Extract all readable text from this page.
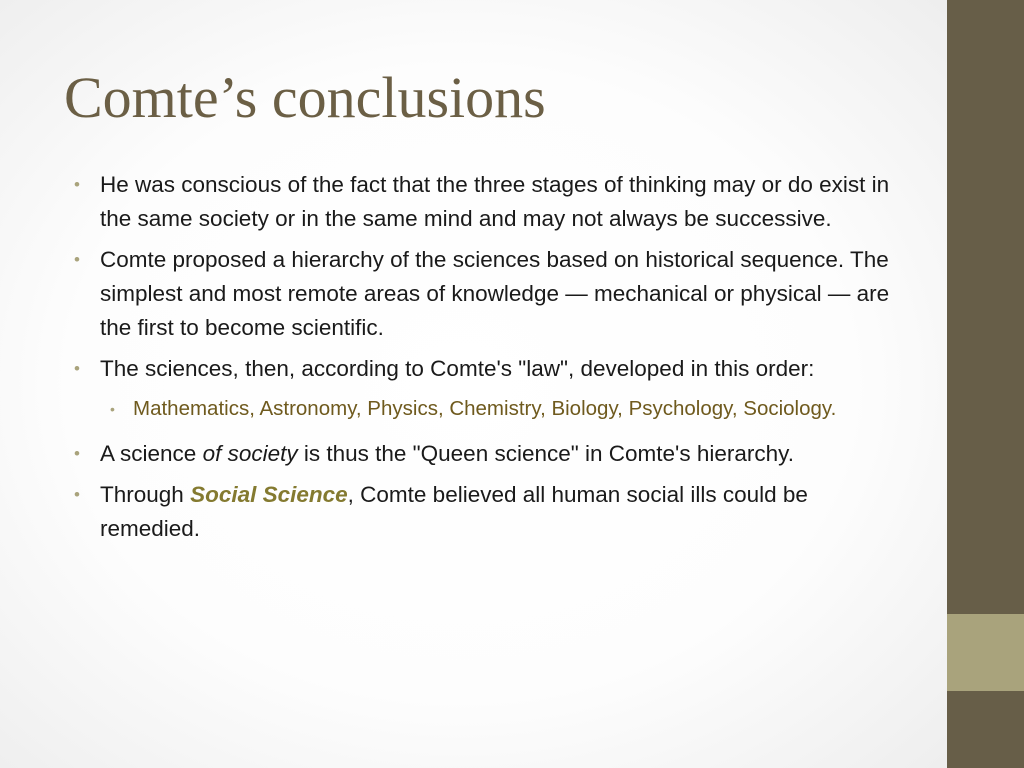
Comte’s conclusions
• He was conscious of the fact that the three stages of thinking may or do exist in the same society or in the same mind and may not always be successive.
• Comte proposed a hierarchy of the sciences based on historical sequence. The simplest and most remote areas of knowledge — mechanical or physical — are the first to become scientific.
• The sciences, then, according to Comte's "law", developed in this order:
• Mathematics, Astronomy, Physics, Chemistry, Biology, Psychology, Sociology.
• A science of society is thus the "Queen science" in Comte's hierarchy.
• Through Social Science, Comte believed all human social ills could be remedied.
